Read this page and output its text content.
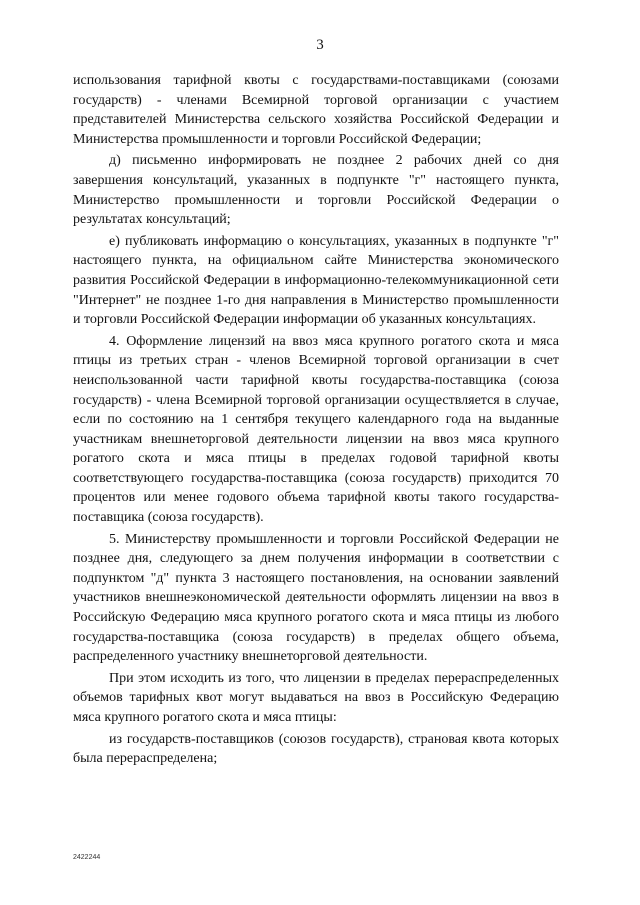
3

использования тарифной квоты с государствами-поставщиками (союзами государств) - членами Всемирной торговой организации с участием представителей Министерства сельского хозяйства Российской Федерации и Министерства промышленности и торговли Российской Федерации;

д) письменно информировать не позднее 2 рабочих дней со дня завершения консультаций, указанных в подпункте "г" настоящего пункта, Министерство промышленности и торговли Российской Федерации о результатах консультаций;

е) публиковать информацию о консультациях, указанных в подпункте "г" настоящего пункта, на официальном сайте Министерства экономического развития Российской Федерации в информационно-телекоммуникационной сети "Интернет" не позднее 1-го дня направления в Министерство промышленности и торговли Российской Федерации информации об указанных консультациях.

4. Оформление лицензий на ввоз мяса крупного рогатого скота и мяса птицы из третьих стран - членов Всемирной торговой организации в счет неиспользованной части тарифной квоты государства-поставщика (союза государств) - члена Всемирной торговой организации осуществляется в случае, если по состоянию на 1 сентября текущего календарного года на выданные участникам внешнеторговой деятельности лицензии на ввоз мяса крупного рогатого скота и мяса птицы в пределах годовой тарифной квоты соответствующего государства-поставщика (союза государств) приходится 70 процентов или менее годового объема тарифной квоты такого государства-поставщика (союза государств).

5. Министерству промышленности и торговли Российской Федерации не позднее дня, следующего за днем получения информации в соответствии с подпунктом "д" пункта 3 настоящего постановления, на основании заявлений участников внешнеэкономической деятельности оформлять лицензии на ввоз в Российскую Федерацию мяса крупного рогатого скота и мяса птицы из любого государства-поставщика (союза государств) в пределах общего объема, распределенного участнику внешнеторговой деятельности.

При этом исходить из того, что лицензии в пределах перераспределенных объемов тарифных квот могут выдаваться на ввоз в Российскую Федерацию мяса крупного рогатого скота и мяса птицы:

из государств-поставщиков (союзов государств), страновая квота которых была перераспределена;

2422244
